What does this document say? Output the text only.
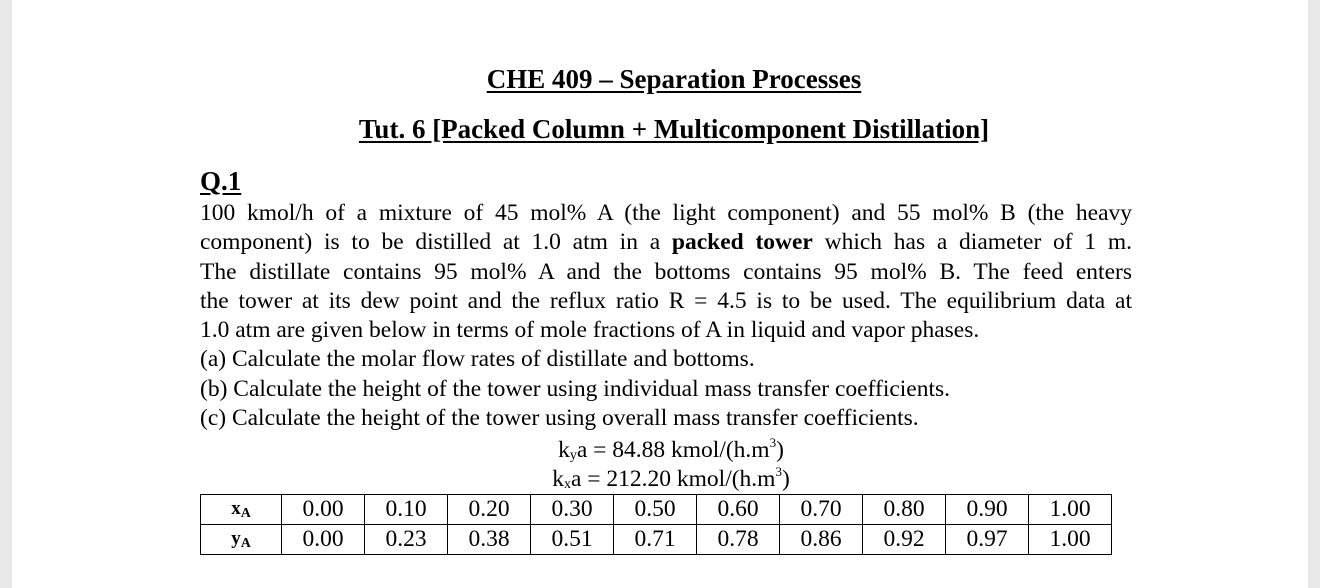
CHE 409 – Separation Processes
Tut. 6 [Packed Column + Multicomponent Distillation]
Q.1
100 kmol/h of a mixture of 45 mol% A (the light component) and 55 mol% B (the heavy
component) is to be distilled at 1.0 atm in a packed tower which has a diameter of 1 m.
The distillate contains 95 mol% A and the bottoms contains 95 mol% B. The feed enters
the tower at its dew point and the reflux ratio R = 4.5 is to be used. The equilibrium data at
1.0 atm are given below in terms of mole fractions of A in liquid and vapor phases.
(a) Calculate the molar flow rates of distillate and bottoms.
(b) Calculate the height of the tower using individual mass transfer coefficients.
(c) Calculate the height of the tower using overall mass transfer coefficients.
$k_ya = 84.88$ kmol/$(h.m^3)$
$k_xa = 212.20$ kmol/$(h.m^3)$
$x_A$	0.00	0.10	0.20	0.30	0.50	0.60	0.70	0.80	0.90	1.00
$y_A$	0.00	0.23	0.38	0.51	0.71	0.78	0.86	0.92	0.97	1.00
